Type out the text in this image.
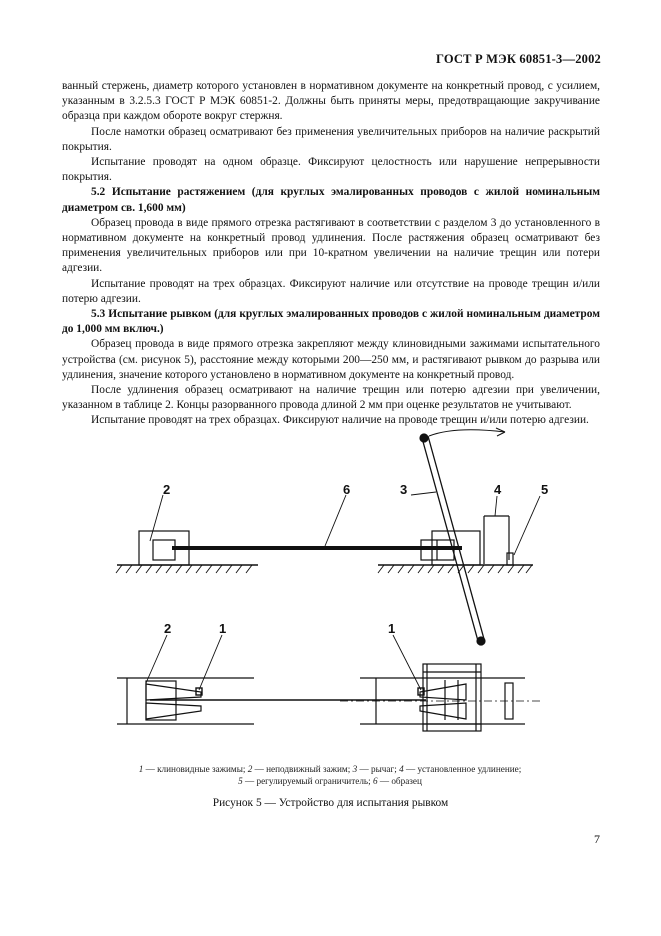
ГОСТ Р МЭК 60851-3—2002

ванный стержень, диаметр которого установлен в нормативном документе на конкретный провод, с усилием, указанным в 3.2.5.3 ГОСТ Р МЭК 60851-2. Должны быть приняты меры, предотвращающие закручивание образца при каждом обороте вокруг стержня.

После намотки образец осматривают без применения увеличительных приборов на наличие раскрытий покрытия.

Испытание проводят на одном образце. Фиксируют целостность или нарушение непрерывности покрытия.

5.2 Испытание растяжением (для круглых эмалированных проводов с жилой номинальным диаметром св. 1,600 мм)

Образец провода в виде прямого отрезка растягивают в соответствии с разделом 3 до установленного в нормативном документе на конкретный провод удлинения. После растяжения образец осматривают без применения увеличительных приборов или при 10-кратном увеличении на наличие трещин или потери адгезии.

Испытание проводят на трех образцах. Фиксируют наличие или отсутствие на проводе трещин и/или потерю адгезии.

5.3 Испытание рывком (для круглых эмалированных проводов с жилой номинальным диаметром до 1,000 мм включ.)

Образец провода в виде прямого отрезка закрепляют между клиновидными зажимами испытательного устройства (см. рисунок 5), расстояние между которыми 200—250 мм, и растягивают рывком до разрыва или удлинения, значение которого установлено в нормативном документе на конкретный провод.

После удлинения образец осматривают на наличие трещин или потерю адгезии при увеличении, указанном в таблице 2. Концы разорванного провода длиной 2 мм при оценке результатов не учитывают.

Испытание проводят на трех образцах. Фиксируют наличие на проводе трещин и/или потерю адгезии.

2	6	3	4	5
2	1	1
1 — клиновидные зажимы; 2 — неподвижный зажим; 3 — рычаг; 4 — установленное удлинение;
5 — регулируемый ограничитель; 6 — образец
Рисунок 5 — Устройство для испытания рывком
7
